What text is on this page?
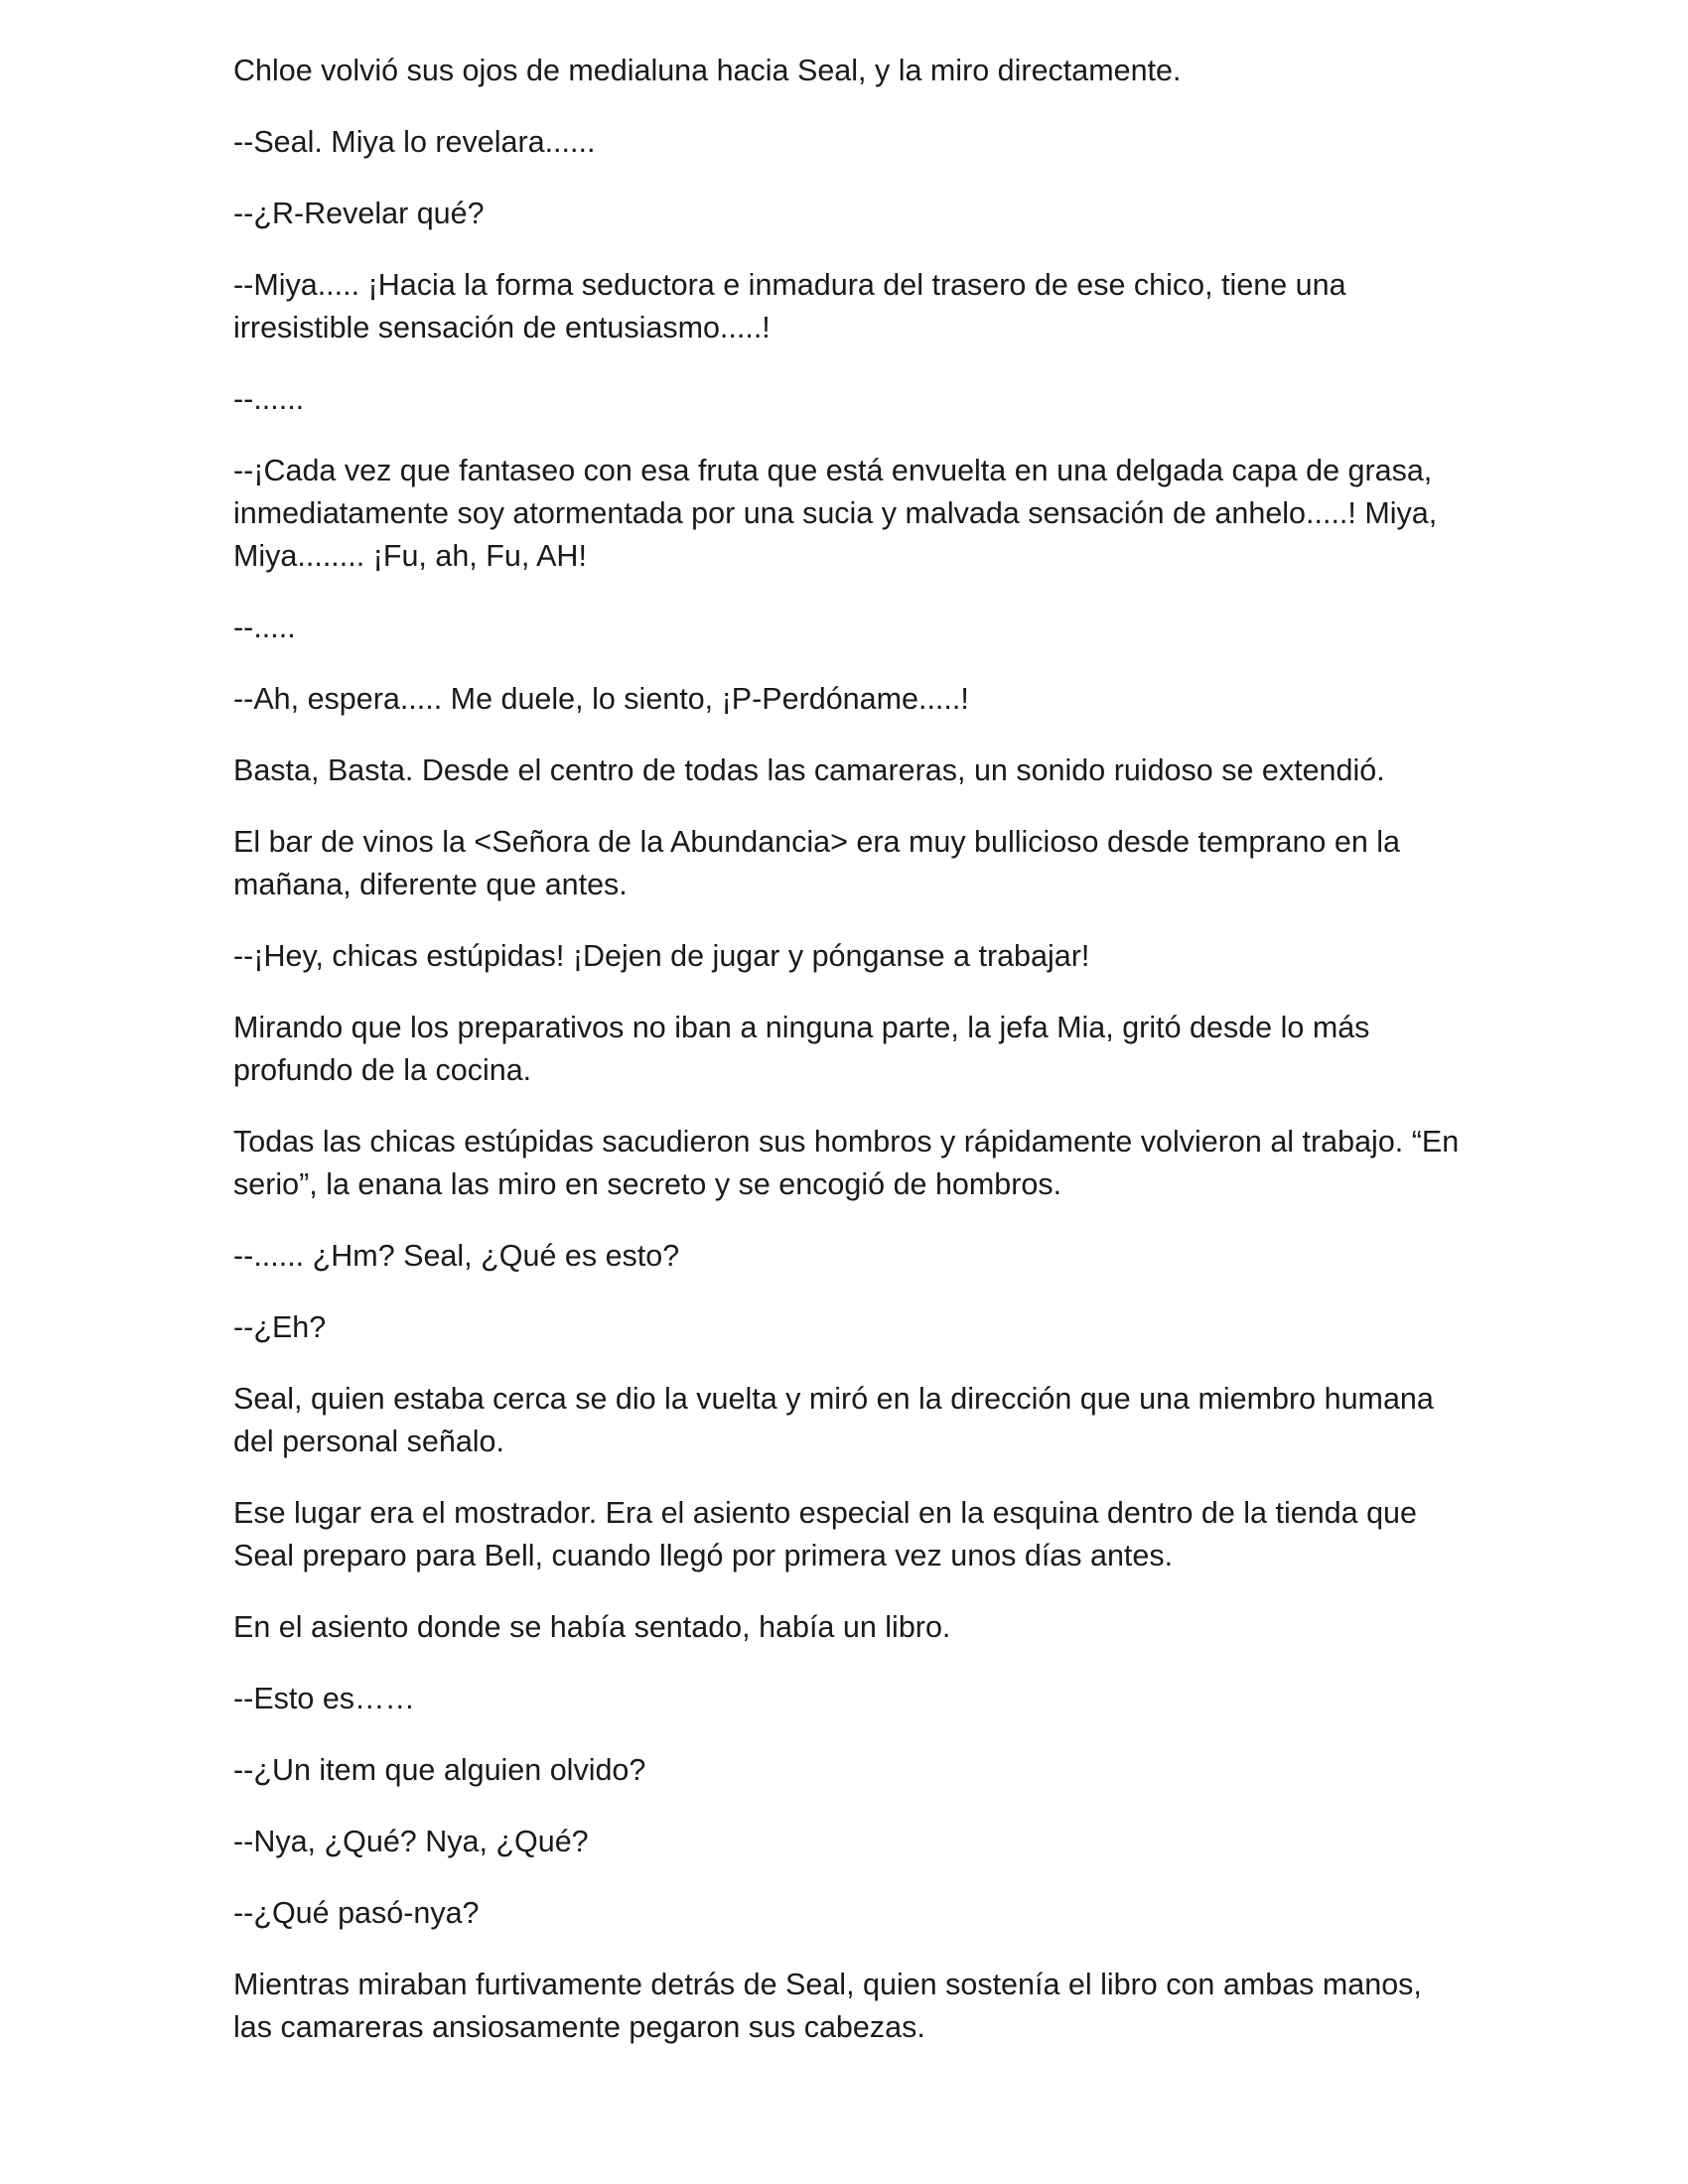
Chloe volvió sus ojos de medialuna hacia Seal, y la miro directamente.

--Seal. Miya lo revelara......

--¿R-Revelar qué?

--Miya..... ¡Hacia la forma seductora e inmadura del trasero de ese chico, tiene una irresistible sensación de entusiasmo.....!

--......

--¡Cada vez que fantaseo con esa fruta que está envuelta en una delgada capa de grasa, inmediatamente soy atormentada por una sucia y malvada sensación de anhelo.....! Miya, Miya........ ¡Fu, ah, Fu, AH!

--.....

--Ah, espera..... Me duele, lo siento, ¡P-Perdóname.....!

Basta, Basta. Desde el centro de todas las camareras, un sonido ruidoso se extendió.

El bar de vinos la <Señora de la Abundancia> era muy bullicioso desde temprano en la mañana, diferente que antes.

--¡Hey, chicas estúpidas! ¡Dejen de jugar y pónganse a trabajar!

Mirando que los preparativos no iban a ninguna parte, la jefa Mia, gritó desde lo más profundo de la cocina.

Todas las chicas estúpidas sacudieron sus hombros y rápidamente volvieron al trabajo. “En serio”, la enana las miro en secreto y se encogió de hombros.

--...... ¿Hm? Seal, ¿Qué es esto?

--¿Eh?

Seal, quien estaba cerca se dio la vuelta y miró en la dirección que una miembro humana del personal señalo.

Ese lugar era el mostrador. Era el asiento especial en la esquina dentro de la tienda que Seal preparo para Bell, cuando llegó por primera vez unos días antes.

En el asiento donde se había sentado, había un libro.

--Esto es……

--¿Un item que alguien olvido?

--Nya, ¿Qué? Nya, ¿Qué?

--¿Qué pasó-nya?

Mientras miraban furtivamente detrás de Seal, quien sostenía el libro con ambas manos, las camareras ansiosamente pegaron sus cabezas.
